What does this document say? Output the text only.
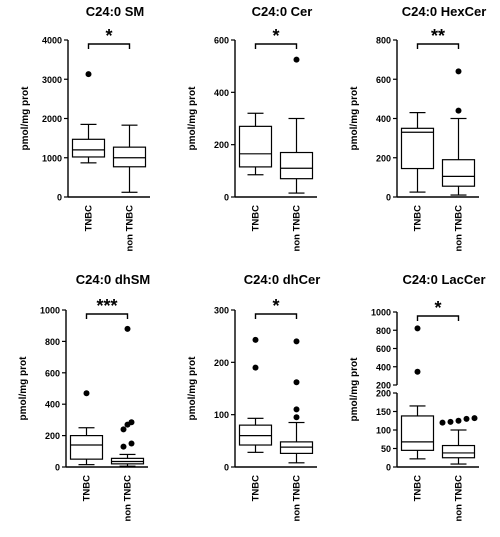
C24:0 SM
pmol/mg prot
0
1000
2000
3000
4000
TNBC	non TNBC
*
C24:0 Cer
pmol/mg prot
0
200
400
600
TNBC	non TNBC
*
C24:0 HexCer
pmol/mg prot
0
200
400
600
800
TNBC	non TNBC
**
C24:0 dhSM
pmol/mg prot
0
200
400
600
800
1000
TNBC	non TNBC
***
C24:0 dhCer
pmol/mg prot
0
100
200
300
TNBC	non TNBC
*
C24:0 LacCer
pmol/mg prot
0
50
100
150
200
200
400
600
800
1000
TNBC	non TNBC
*
